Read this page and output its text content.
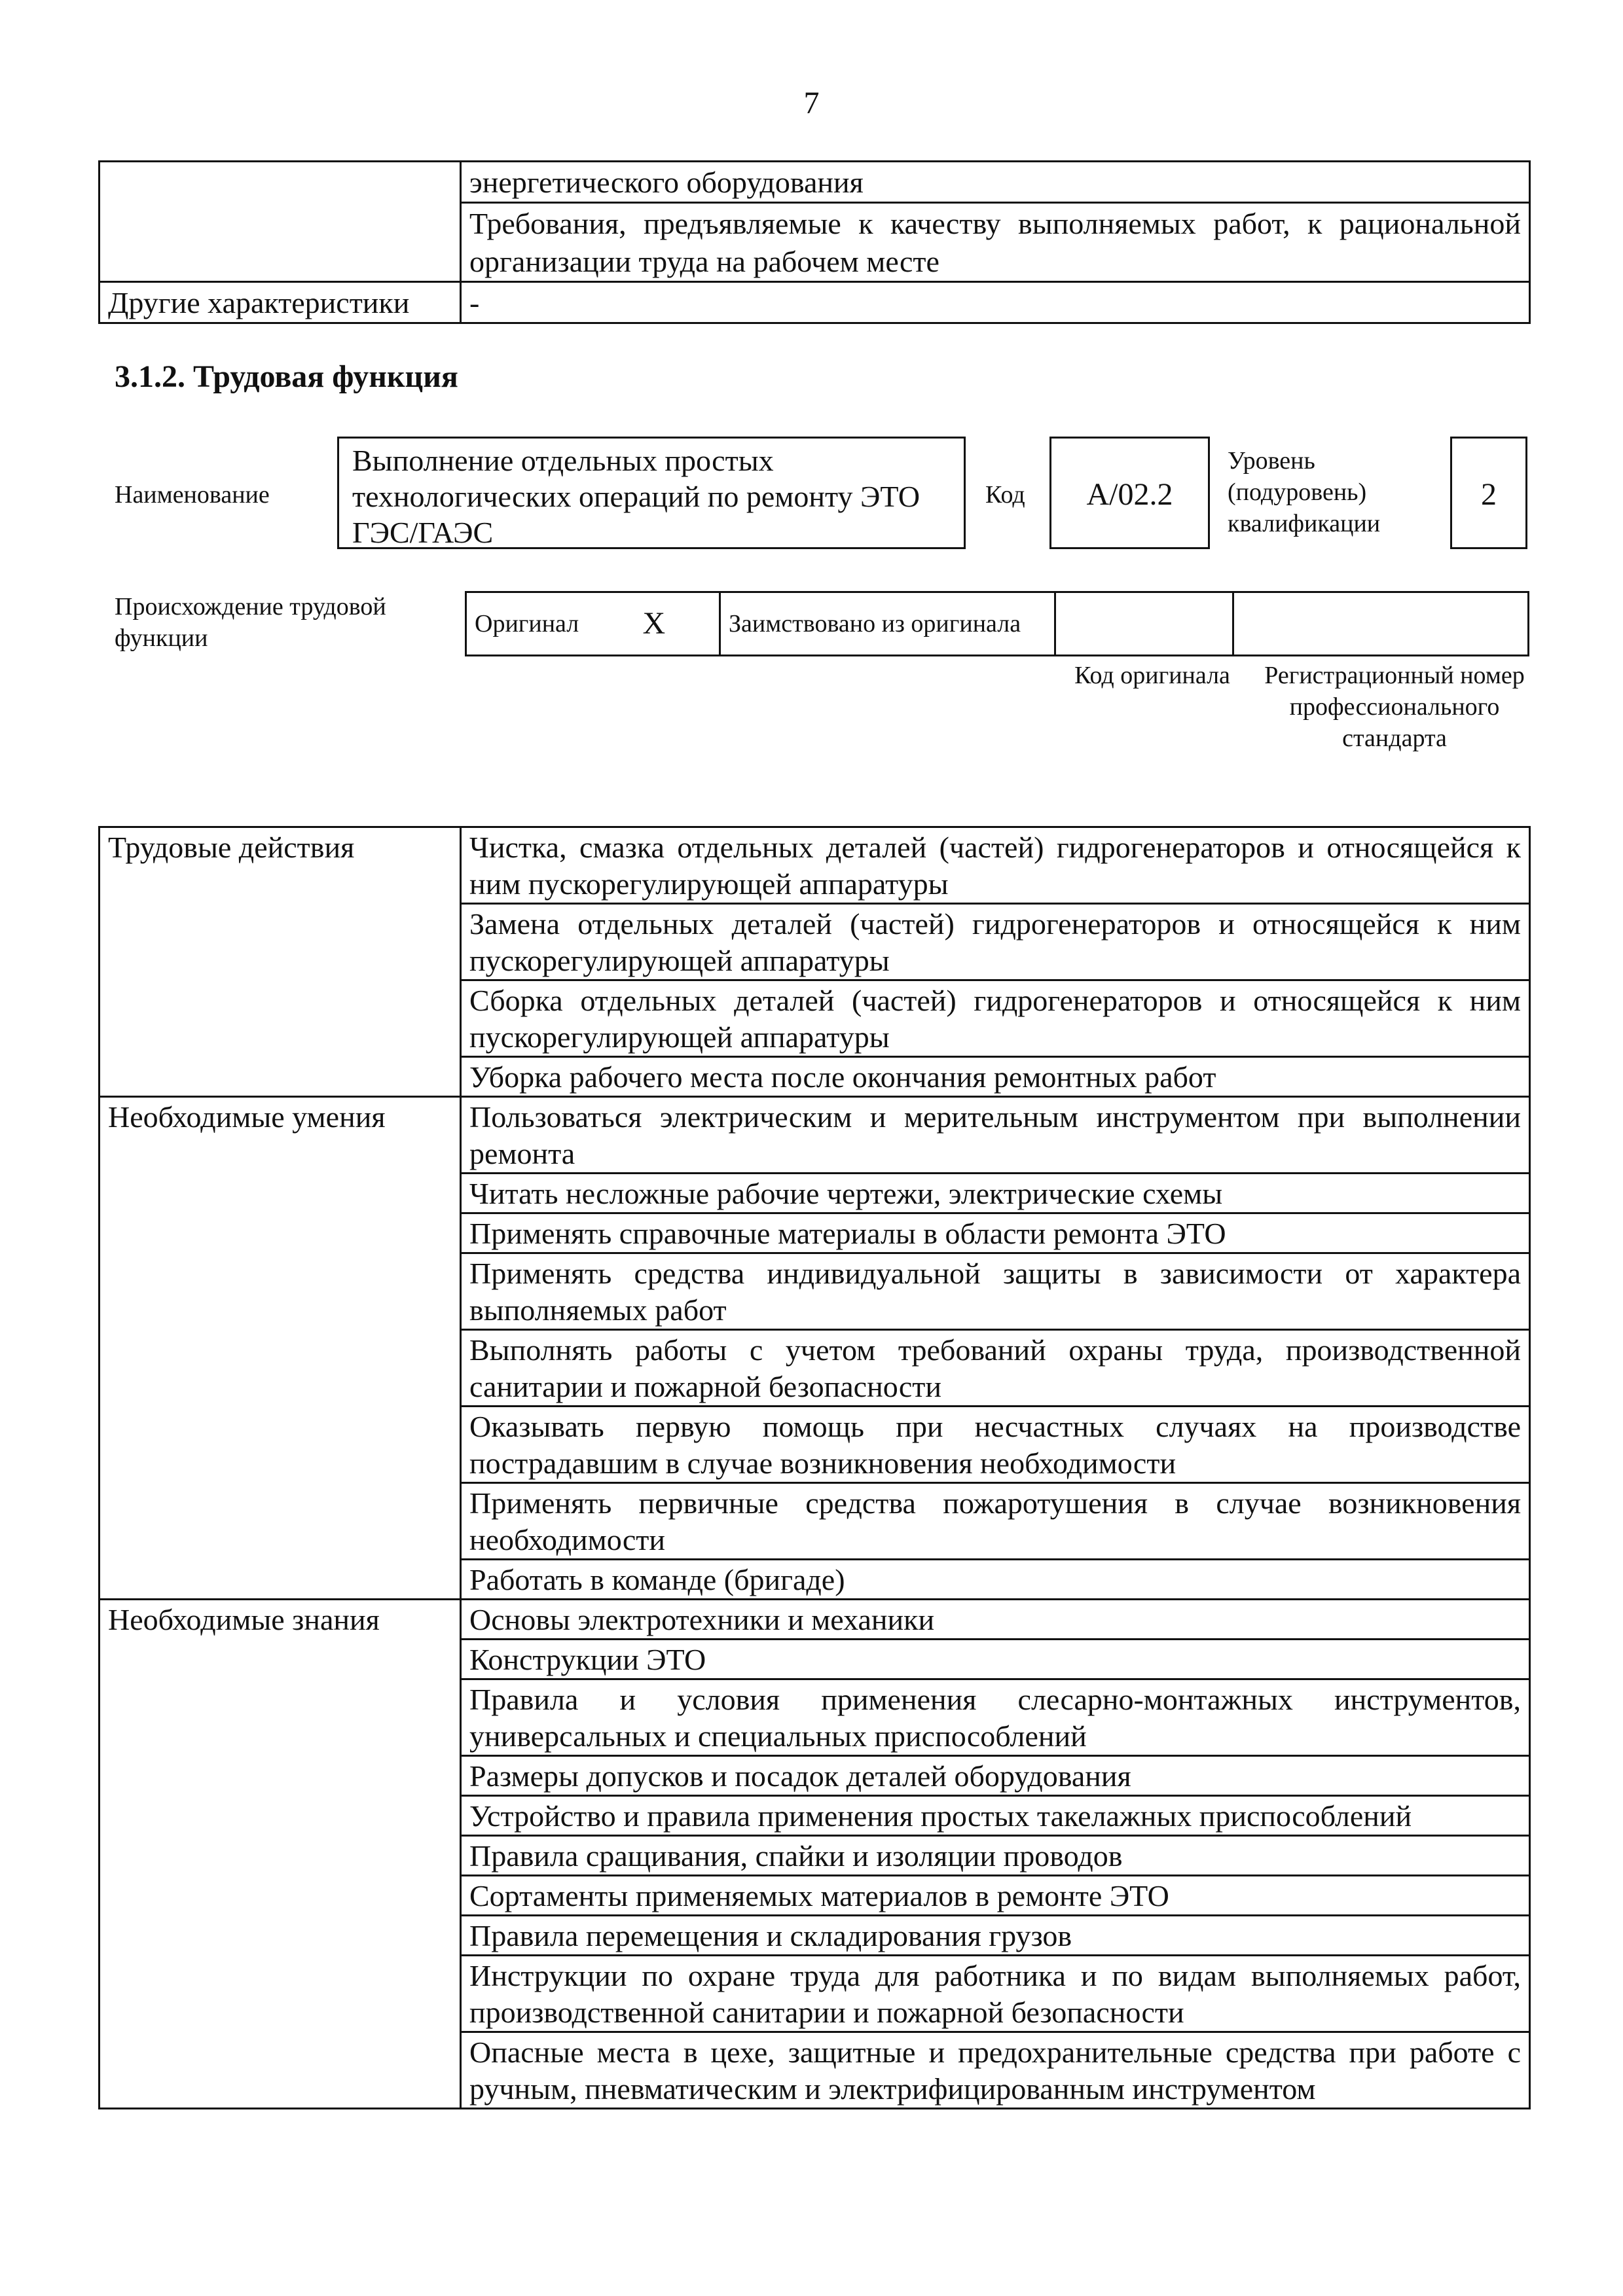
7
	энергетического оборудования
	Требования, предъявляемые к качеству выполняемых работ, к рациональной организации труда на рабочем месте
Другие характеристики	-
3.1.2. Трудовая функция
Наименование
Выполнение отдельных простых технологических операций по ремонту ЭТО ГЭС/ГАЭС
Код	А/02.2
Уровень (подуровень) квалификации
2
Происхождение трудовой функции
Оригинал	X	Заимствовано из оригинала		
Код оригинала	Регистрационный номер профессионального стандарта
Трудовые действия	Чистка, смазка отдельных деталей (частей) гидрогенераторов и относящейся к ним пускорегулирующей аппаратуры
	Замена отдельных деталей (частей) гидрогенераторов и относящейся к ним пускорегулирующей аппаратуры
	Сборка отдельных деталей (частей) гидрогенераторов и относящейся к ним пускорегулирующей аппаратуры
	Уборка рабочего места после окончания ремонтных работ
Необходимые умения	Пользоваться электрическим и мерительным инструментом при выполнении ремонта
	Читать несложные рабочие чертежи, электрические схемы
	Применять справочные материалы в области ремонта ЭТО
	Применять средства индивидуальной защиты в зависимости от характера выполняемых работ
	Выполнять работы с учетом требований охраны труда, производственной санитарии и пожарной безопасности
	Оказывать первую помощь при несчастных случаях на производстве пострадавшим в случае возникновения необходимости
	Применять первичные средства пожаротушения в случае возникновения необходимости
	Работать в команде (бригаде)
Необходимые знания	Основы электротехники и механики
	Конструкции ЭТО
	Правила и условия применения слесарно-монтажных инструментов, универсальных и специальных приспособлений
	Размеры допусков и посадок деталей оборудования
	Устройство и правила применения простых такелажных приспособлений
	Правила сращивания, спайки и изоляции проводов
	Сортаменты применяемых материалов в ремонте ЭТО
	Правила перемещения и складирования грузов
	Инструкции по охране труда для работника и по видам выполняемых работ, производственной санитарии и пожарной безопасности
	Опасные места в цехе, защитные и предохранительные средства при работе с ручным, пневматическим и электрифицированным инструментом
